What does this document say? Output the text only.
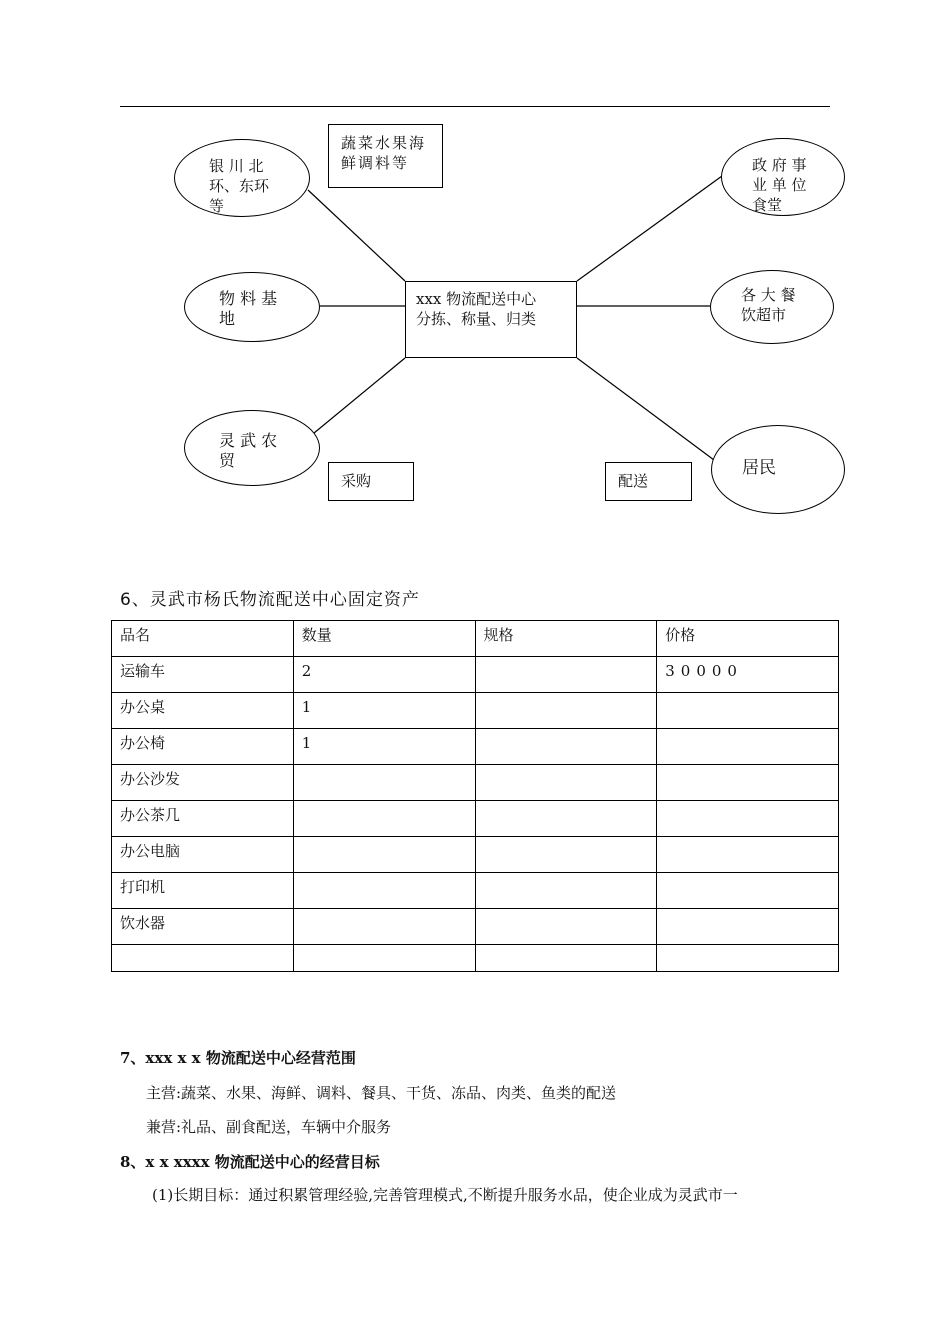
xxx 物流配送中心
分拣、称量、归类
蔬菜水果海
鲜调料等
银 川 北
环、东环
等
物 料 基
地
灵 武 农
贸
政 府 事
业 单 位
食堂
各 大 餐
饮超市
居民
采购	配送
6、灵武市杨氏物流配送中心固定资产
品名	数量	规格	价格
运输车	2		30000
办公桌	1		
办公椅	1		
办公沙发			
办公茶几			
办公电脑			
打印机			
饮水器			

7、xxx x x 物流配送中心经营范围
主营:蔬菜、水果、海鲜、调料、餐具、干货、冻品、肉类、鱼类的配送
兼营:礼品、副食配送，车辆中介服务
8、x x xxxx 物流配送中心的经营目标
(1)长期目标：通过积累管理经验,完善管理模式,不断提升服务水品，使企业成为灵武市一
